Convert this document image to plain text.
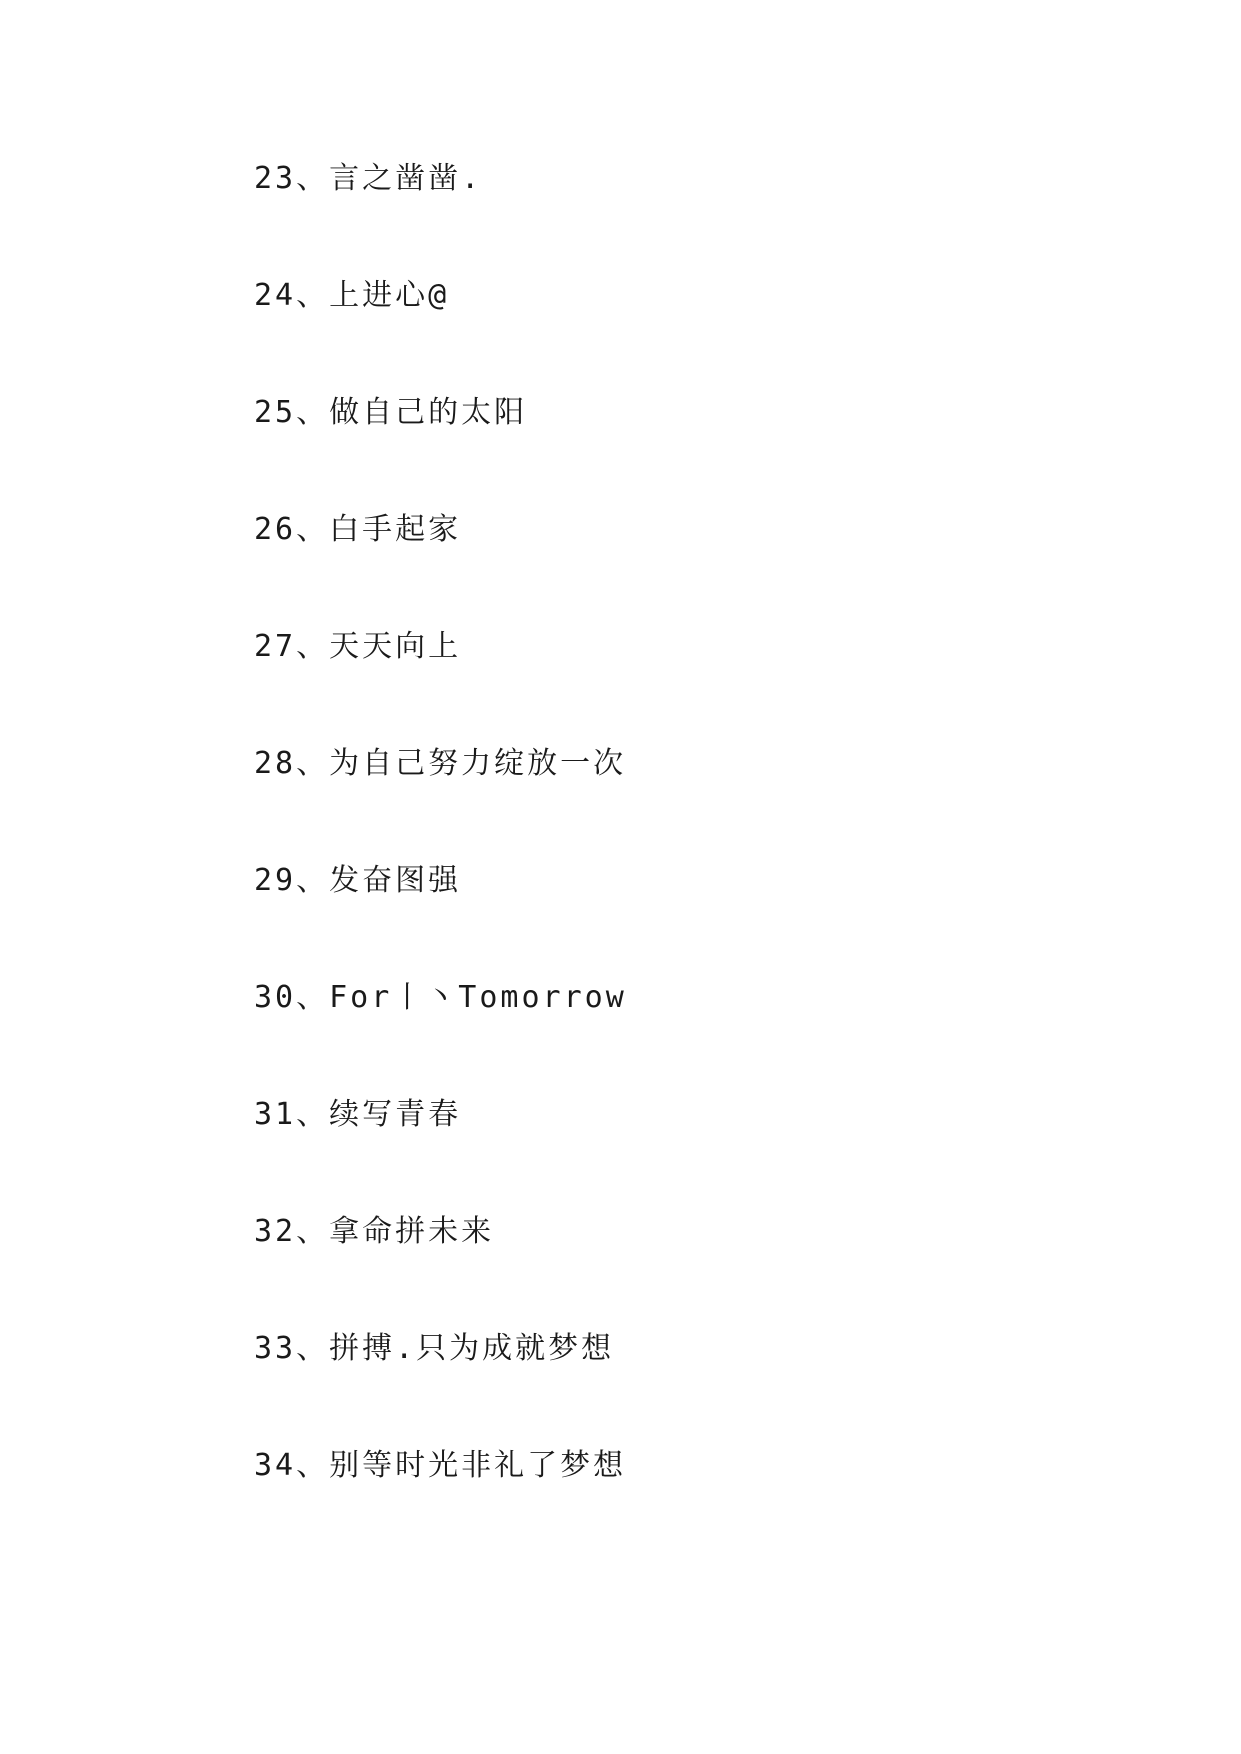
23、言之凿凿.
24、上进心@
25、做自己的太阳
26、白手起家
27、天天向上
28、为自己努力绽放一次
29、发奋图强
30、For丨丶Tomorrow
31、续写青春
32、拿命拼未来
33、拼搏.只为成就梦想
34、别等时光非礼了梦想
